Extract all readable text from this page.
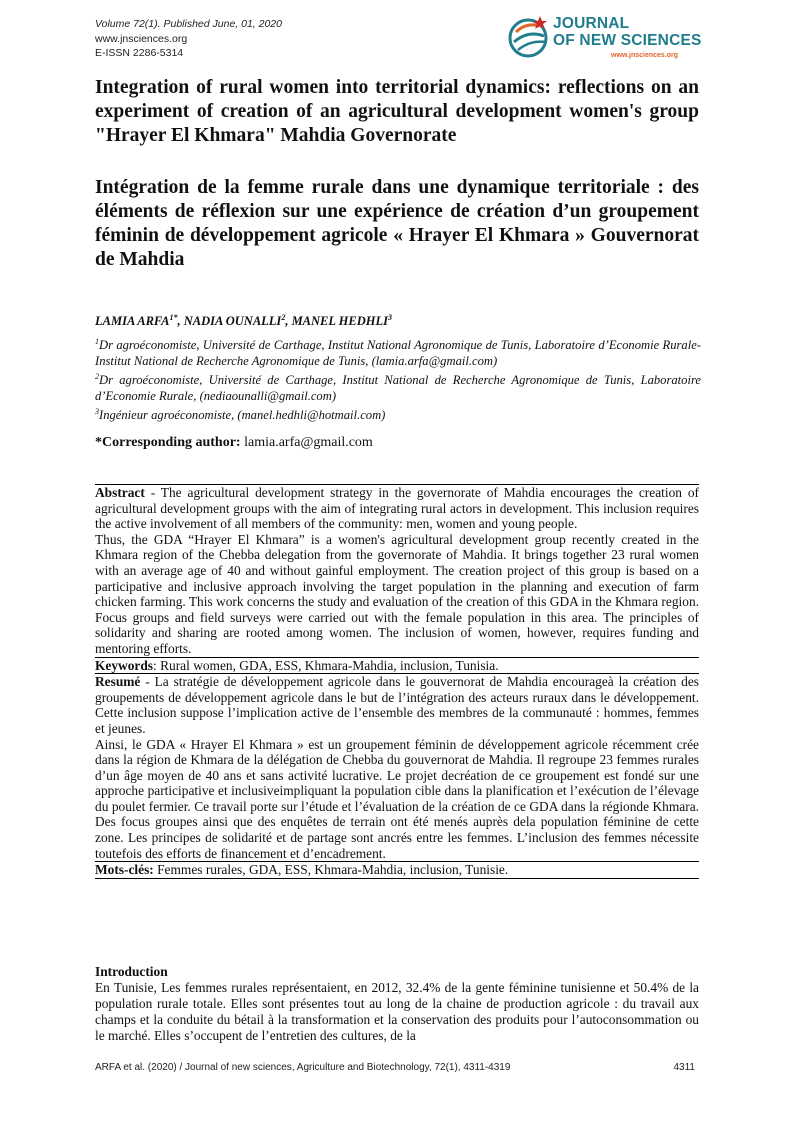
Volume 72(1). Published June, 01, 2020
www.jnsciences.org
E-ISSN 2286-5314
JOURNAL
OF NEW SCIENCES
www.jnsciences.org
Integration of rural women into territorial dynamics: reflections on an experiment of creation of an agricultural development women's group "Hrayer El Khmara" Mahdia Governorate
Intégration de la femme rurale dans une dynamique territoriale : des éléments de réflexion sur une expérience de création d’un groupement féminin de développement agricole « Hrayer El Khmara » Gouvernorat de Mahdia
LAMIA $ARFA^{1*}$, NADIA OUNALLI$^2$, MANEL HEDHLI$^3$

$^1$Dr agroéconomiste, Université de Carthage, Institut National Agronomique de Tunis, Laboratoire d’Economie Rurale- Institut National de Recherche Agronomique de Tunis, (lamia.arfa@gmail.com)

$^2$Dr agroéconomiste, Université de Carthage, Institut National de Recherche Agronomique de Tunis, Laboratoire d’Economie Rurale, (nediaounalli@gmail.com)

$^3$Ingénieur agroéconomiste, (manel.hedhli@hotmail.com)

*Corresponding author: lamia.arfa@gmail.com

Abstract - The agricultural development strategy in the governorate of Mahdia encourages the creation of agricultural development groups with the aim of integrating rural actors in development. This inclusion requires the active involvement of all members of the community: men, women and young people.

Thus, the GDA “Hrayer El Khmara” is a women's agricultural development group recently created in the Khmara region of the Chebba delegation from the governorate of Mahdia. It brings together 23 rural women with an average age of 40 and without gainful employment. The creation project of this group is based on a participative and inclusive approach involving the target population in the planning and execution of farm chicken farming. This work concerns the study and evaluation of the creation of this GDA in the Khmara region. Focus groups and field surveys were carried out with the female population in this area. The principles of solidarity and sharing are rooted among women. The inclusion of women, however, requires funding and mentoring efforts.

Keywords: Rural women, GDA, ESS, Khmara-Mahdia, inclusion, Tunisia.

Resumé - La stratégie de développement agricole dans le gouvernorat de Mahdia encourageà la création des groupements de développement agricole dans le but de l’intégration des acteurs ruraux dans le développement. Cette inclusion suppose l’implication active de l’ensemble des membres de la communauté : hommes, femmes et jeunes.

Ainsi, le GDA « Hrayer El Khmara » est un groupement féminin de développement agricole récemment crée dans la région de Khmara de la délégation de Chebba du gouvernorat de Mahdia. Il regroupe 23 femmes rurales d’un âge moyen de 40 ans et sans activité lucrative. Le projet decréation de ce groupement est fondé sur une approche participative et inclusiveimpliquant la population cible dans la planification et l’exécution de l’élevage du poulet fermier. Ce travail porte sur l’étude et l’évaluation de la création de ce GDA dans la régionde Khmara. Des focus groupes ainsi que des enquêtes de terrain ont été menés auprès dela population féminine de cette zone. Les principes de solidarité et de partage sont ancrés entre les femmes. L’inclusion des femmes nécessite toutefois des efforts de financement et d’encadrement.

Mots-clés: Femmes rurales, GDA, ESS, Khmara-Mahdia, inclusion, Tunisie.
Introduction

En Tunisie, Les femmes rurales représentaient, en 2012, 32.4% de la gente féminine tunisienne et 50.4% de la population rurale totale. Elles sont présentes tout au long de la chaine de production agricole : du travail aux champs et la conduite du bétail à la transformation et la conservation des produits pour l’autoconsommation ou le marché. Elles s’occupent de l’entretien des cultures, de la

ARFA et al. (2020) / Journal of new sciences, Agriculture and Biotechnology, 72(1), 4311-4319	4311
